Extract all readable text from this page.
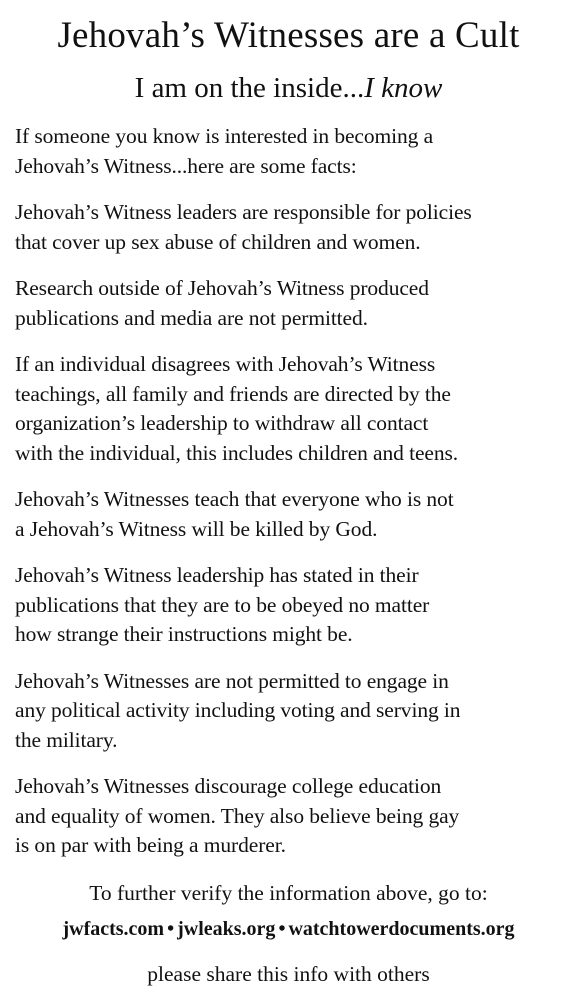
Jehovah’s Witnesses are a Cult
I am on the inside...I know

If someone you know is interested in becoming a
Jehovah’s Witness...here are some facts:

Jehovah’s Witness leaders are responsible for policies
that cover up sex abuse of children and women.

Research outside of Jehovah’s Witness produced
publications and media are not permitted.

If an individual disagrees with Jehovah’s Witness
teachings, all family and friends are directed by the
organization’s leadership to withdraw all contact
with the individual, this includes children and teens.

Jehovah’s Witnesses teach that everyone who is not
a Jehovah’s Witness will be killed by God.

Jehovah’s Witness leadership has stated in their
publications that they are to be obeyed no matter
how strange their instructions might be.

Jehovah’s Witnesses are not permitted to engage in
any political activity including voting and serving in
the military.

Jehovah’s Witnesses discourage college education
and equality of women. They also believe being gay
is on par with being a murderer.

To further verify the information above, go to:
jwfacts.com • jwleaks.org • watchtowerdocuments.org
please share this info with others
